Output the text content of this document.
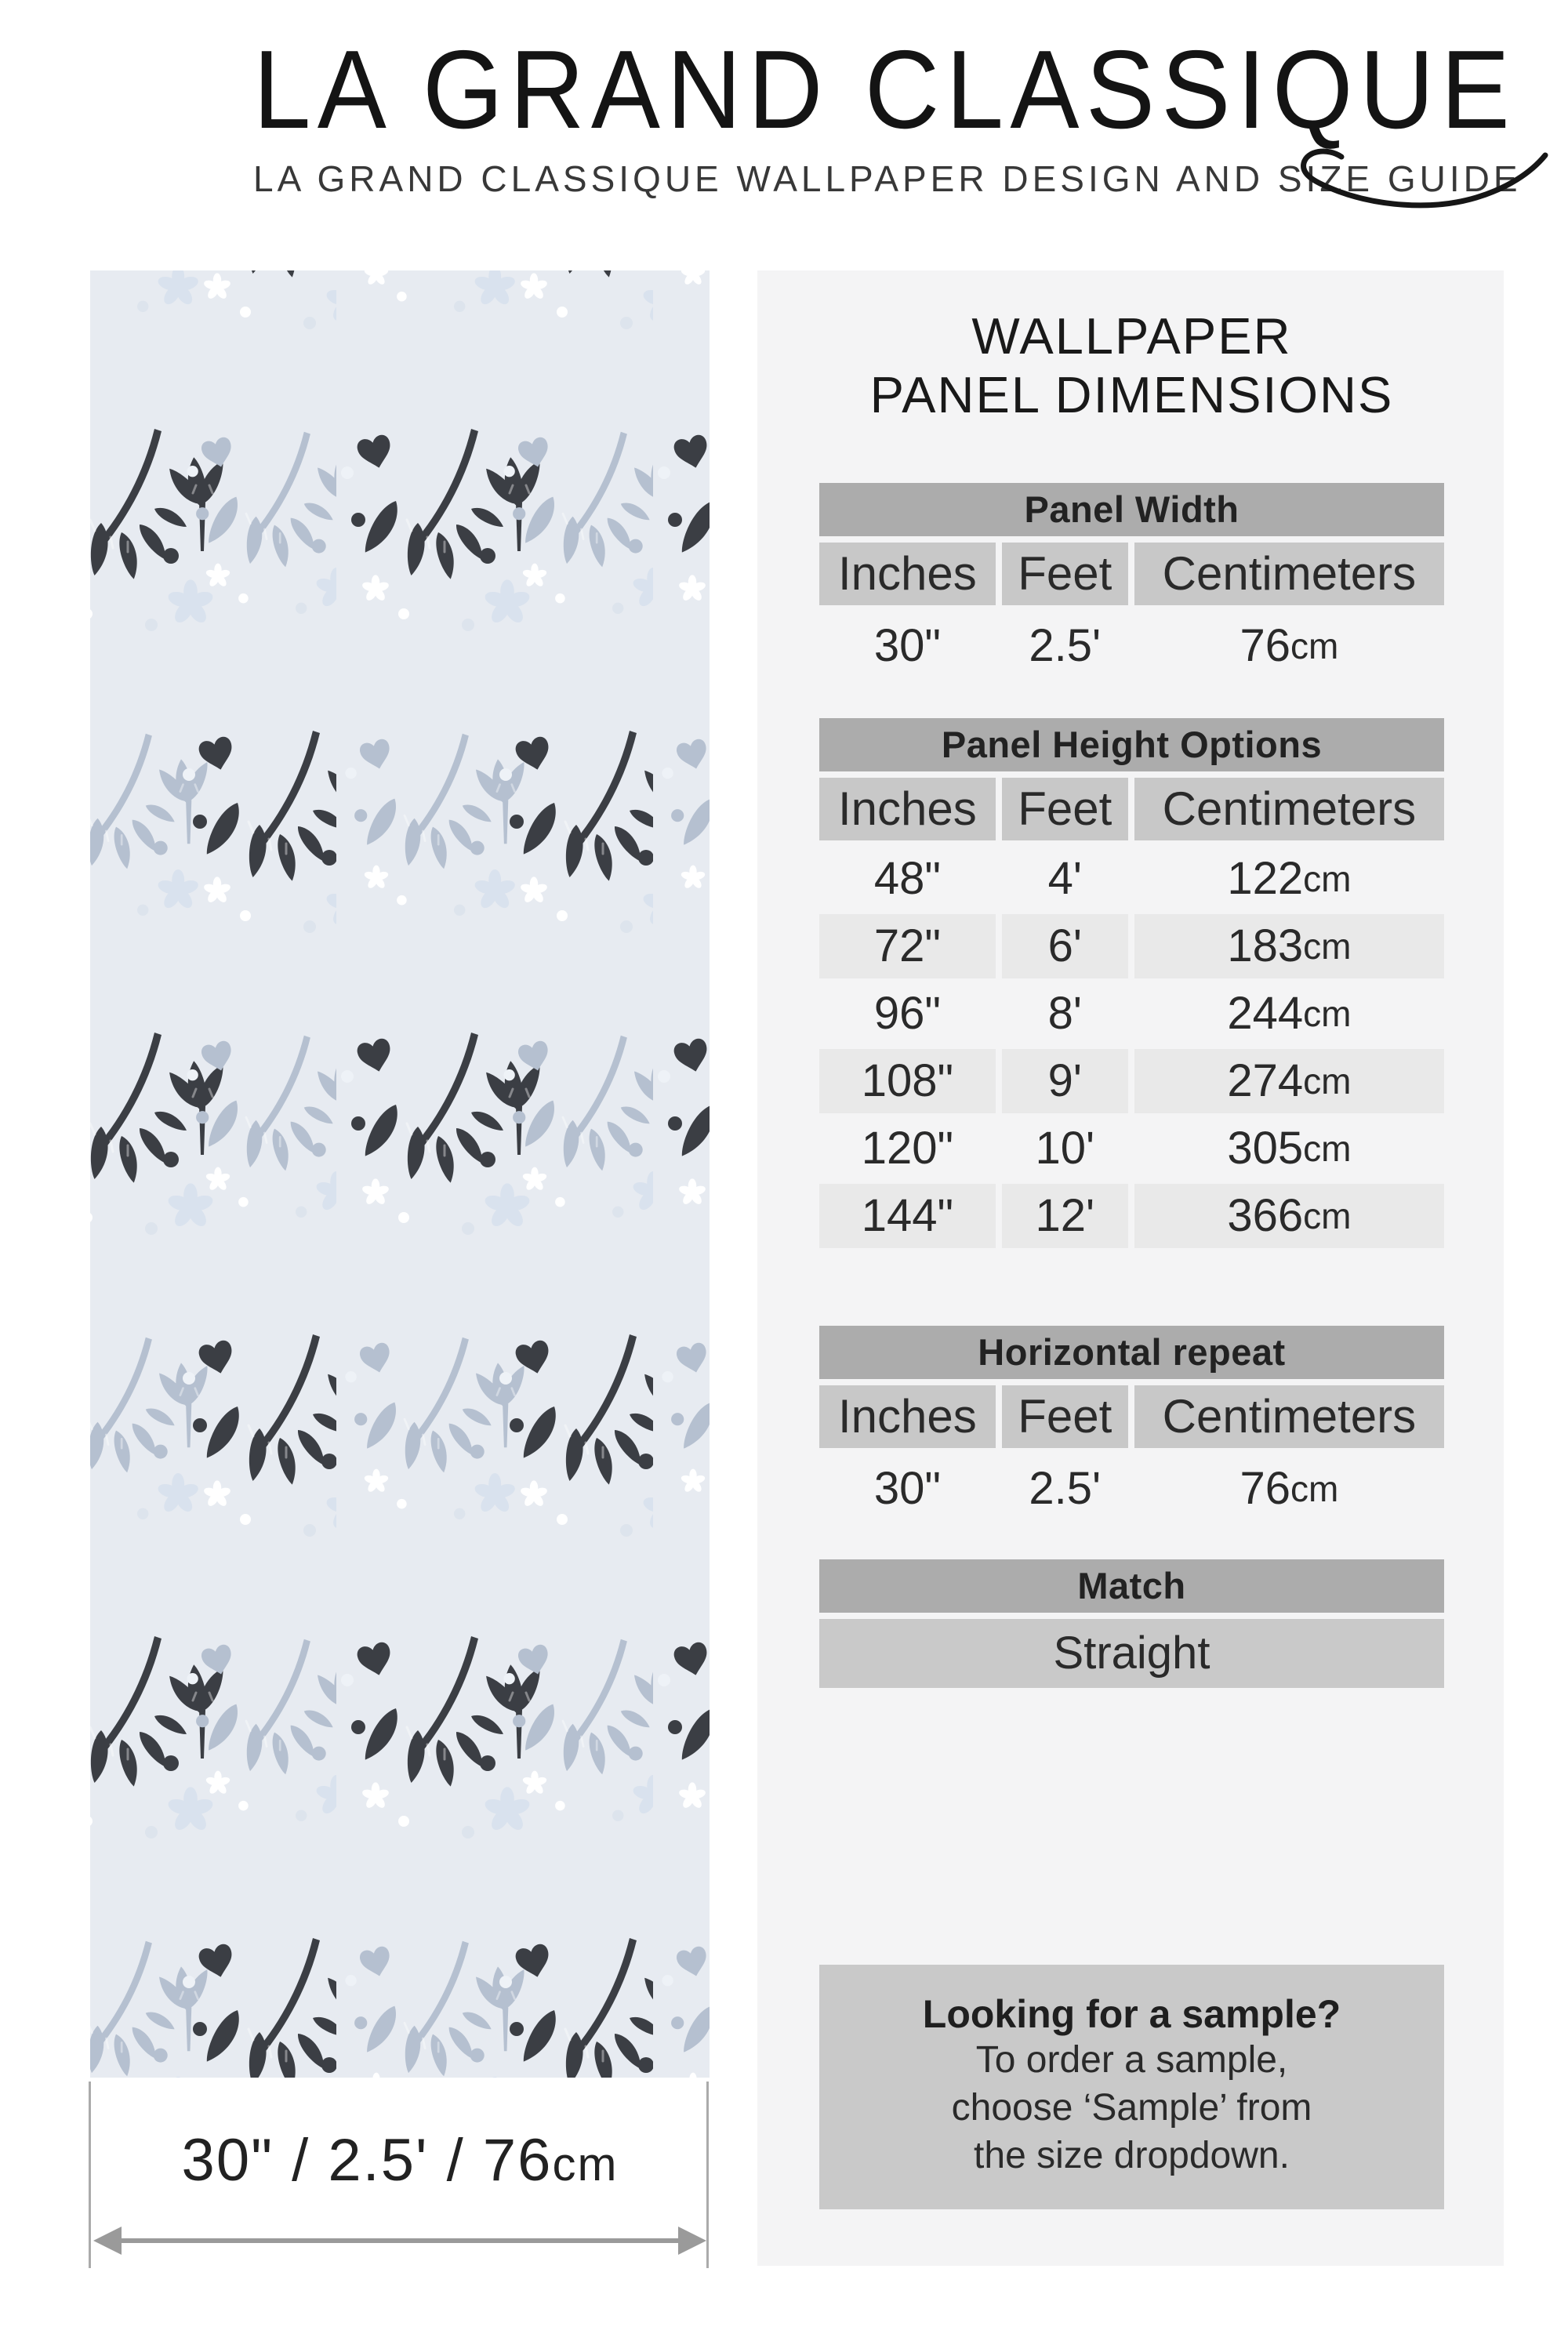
LA GRAND CLASSIQUE
LA GRAND CLASSIQUE WALLPAPER DESIGN AND SIZE GUIDE
30" / 2.5' / 76cm
WALLPAPER
PANEL DIMENSIONS
Panel Width
Inches Feet	Centimeters
30"	2.5'	76 cm
Panel Height Options
Inches Feet	Centimeters
48"	4'	122 cm
72"	6'	183 cm
96"	8'	244 cm
108"	9'	274 cm
120"	10'	305 cm
144"	12'	366 cm
Horizontal repeat
Inches Feet	Centimeters
30"	2.5'	76 cm
Match
Straight
Looking for a sample?
To order a sample,
choose ‘Sample’ from
the size dropdown.
